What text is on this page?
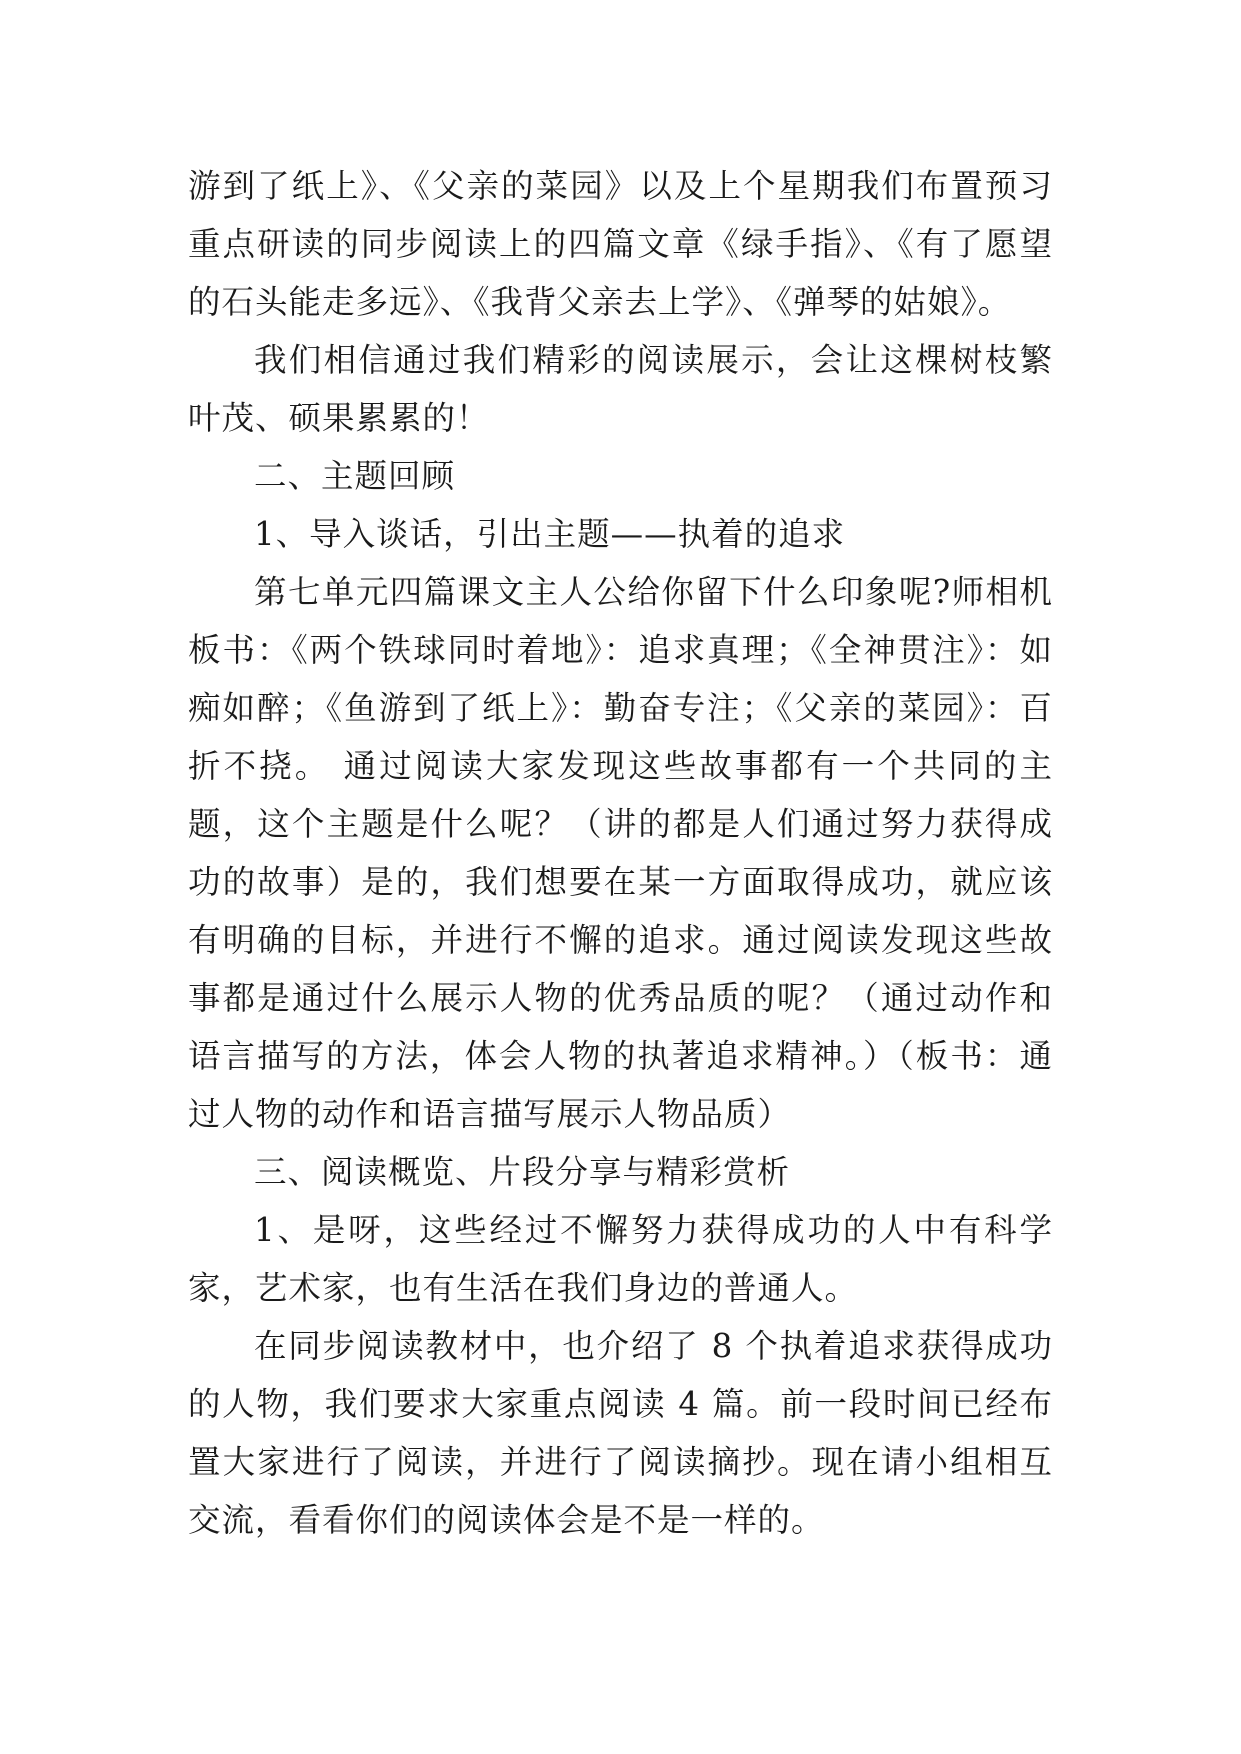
游到了纸上》、《父亲的菜园》以及上个星期我们布置预习重点研读的同步阅读上的四篇文章《绿手指》、《有了愿望的石头能走多远》、《我背父亲去上学》、《弹琴的姑娘》。

我们相信通过我们精彩的阅读展示，会让这棵树枝繁叶茂、硕果累累的！

二、主题回顾

1、导入谈话，引出主题——执着的追求

第七单元四篇课文主人公给你留下什么印象呢?师相机板书：《两个铁球同时着地》：追求真理；《全神贯注》：如痴如醉；《鱼游到了纸上》：勤奋专注；《父亲的菜园》：百折不挠。 通过阅读大家发现这些故事都有一个共同的主题，这个主题是什么呢？（讲的都是人们通过努力获得成功的故事）是的，我们想要在某一方面取得成功，就应该有明确的目标，并进行不懈的追求。通过阅读发现这些故事都是通过什么展示人物的优秀品质的呢？（通过动作和语言描写的方法，体会人物的执著追求精神。）（板书：通过人物的动作和语言描写展示人物品质）

三、阅读概览、片段分享与精彩赏析

1、是呀，这些经过不懈努力获得成功的人中有科学家，艺术家，也有生活在我们身边的普通人。

在同步阅读教材中，也介绍了 8 个执着追求获得成功的人物，我们要求大家重点阅读 4 篇。前一段时间已经布置大家进行了阅读，并进行了阅读摘抄。现在请小组相互交流，看看你们的阅读体会是不是一样的。
